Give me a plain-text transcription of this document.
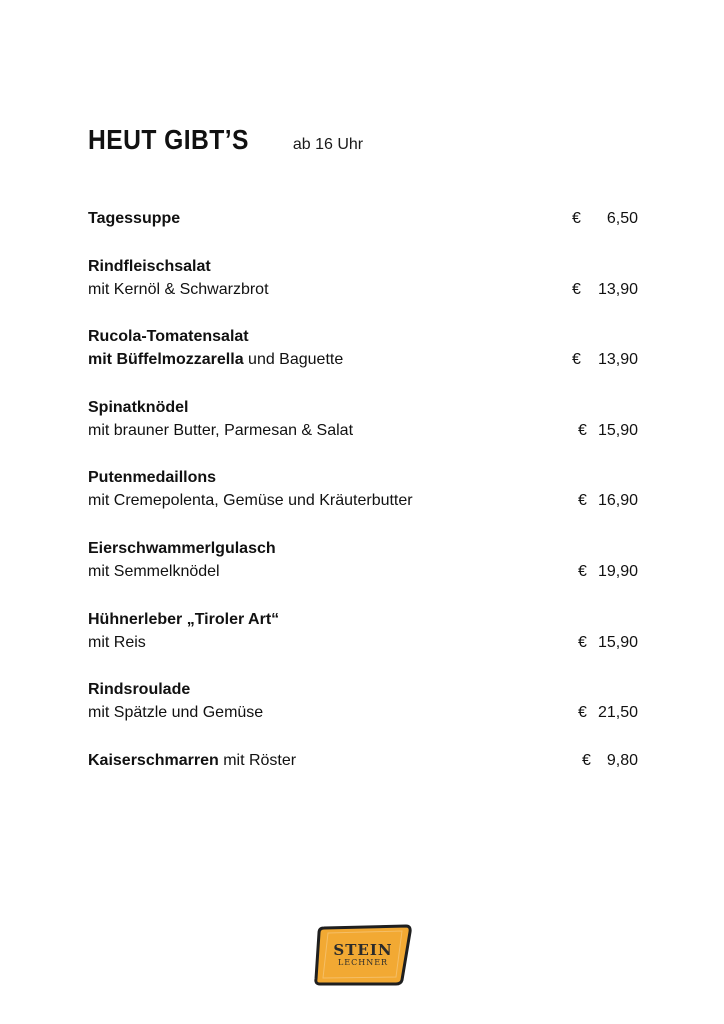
HEUT GIBT’S	ab 16 Uhr
Tagessuppe	€ 6,50
Rindfleischsalat
mit Kernöl & Schwarzbrot	€ 13,90
Rucola-Tomatensalat
mit Büffelmozzarella und Baguette	€ 13,90
Spinatknödel
mit brauner Butter, Parmesan & Salat	€ 15,90
Putenmedaillons
mit Cremepolenta, Gemüse und Kräuterbutter	€ 16,90
Eierschwammerlgulasch
mit Semmelknödel	€ 19,90
Hühnerleber „Tiroler Art“
mit Reis	€ 15,90
Rindsroulade
mit Spätzle und Gemüse	€ 21,50
Kaiserschmarren mit Röster	€ 9,80
STEIN
LECHNER
